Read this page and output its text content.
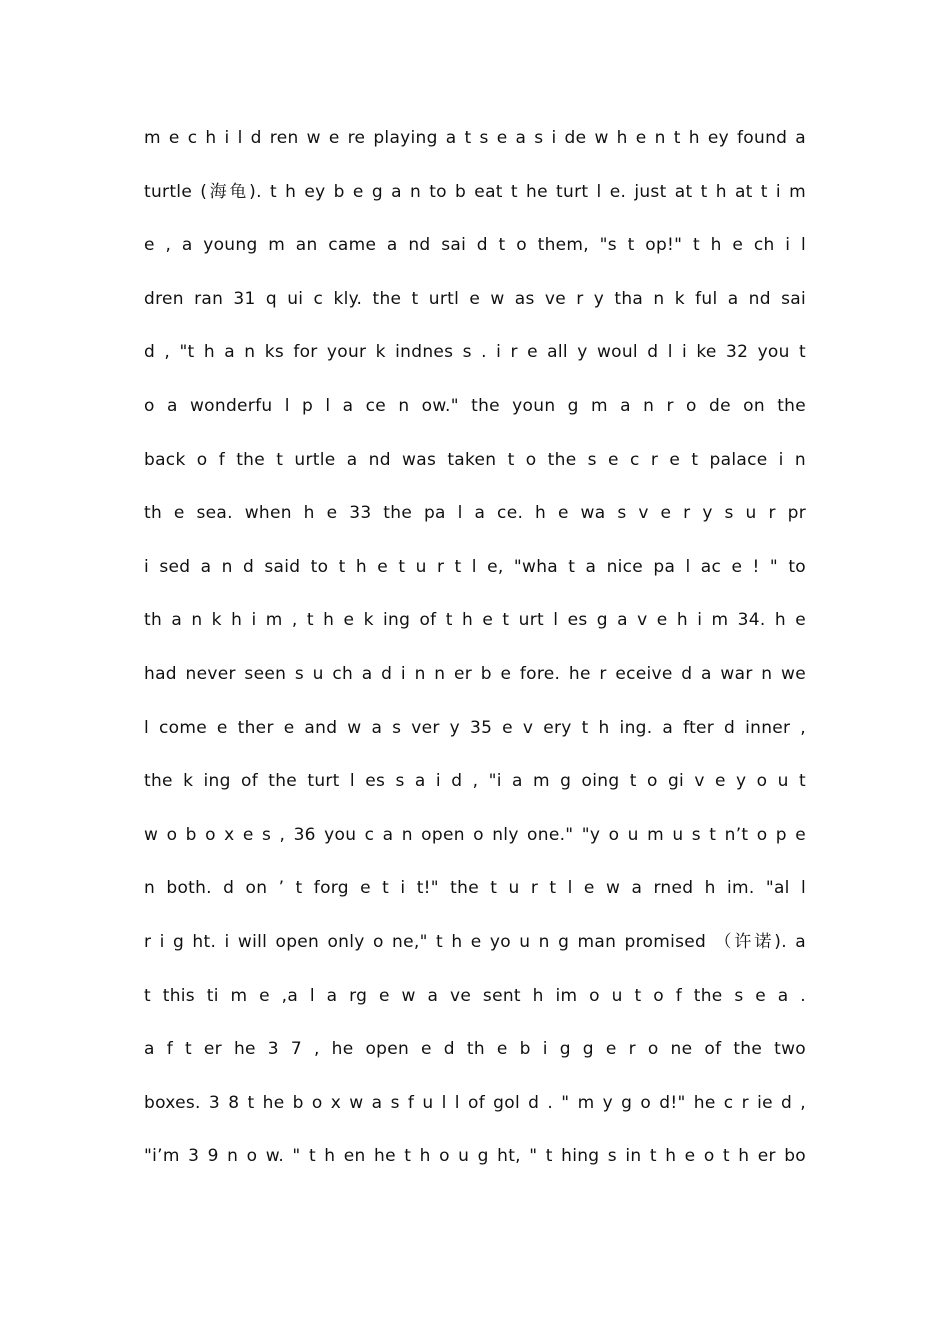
m e c h i l d ren w e re playing a t s e a s i de w h e n t h ey found a
turtle (海龟). t h ey b e g a n to b eat t he turt l e. just at t h at t i m
e , a young m an came a nd sai d t o them, "s t op!" t h e ch i l
dren ran 31 q ui c kly. the t urtl e w as ve r y tha n k ful a nd sai
d , "t h a n ks for your k indnes s . i r e all y woul d l i ke 32 you t
o a wonderfu l p l a ce n ow." the youn g m a n r o de on the
back o f the t urtle a nd was taken t o the s e c r e t palace i n
th e sea. when h e 33 the pa l a ce. h e wa s v e r y s u r pr
i sed a n d said to t h e t u r t l e, "wha t a nice pa l ac e ! " to
th a n k h i m , t h e k ing of t h e t urt l es g a v e h i m 34. h e
had never seen s u ch a d i n n er b e fore. he r eceive d a war n we
l come e ther e and w a s ver y 35 e v ery t h ing. a fter d inner ,
the k ing of the turt l es s a i d , "i a m g oing t o gi v e y o u t
w o b o x e s , 36 you c a n open o nly one." "y o u m u s t n’t o p e
n both. d on ’ t forg e t i t!" the t u r t l e w a rned h im. "al l
r i g ht. i will open only o ne," t h e yo u n g man promised （许诺). a
t this ti m e ,a l a rg e w a ve sent h im o u t o f the s e a .
a f t er he 3 7 , he open e d th e b i g g e r o ne of the two
boxes. 3 8 t he b o x w a s f u l l of gol d . " m y g o d!" he c r ie d ,
"i’m 3 9 n o w. " t h en he t h o u g ht, " t hing s in t h e o t h er bo
